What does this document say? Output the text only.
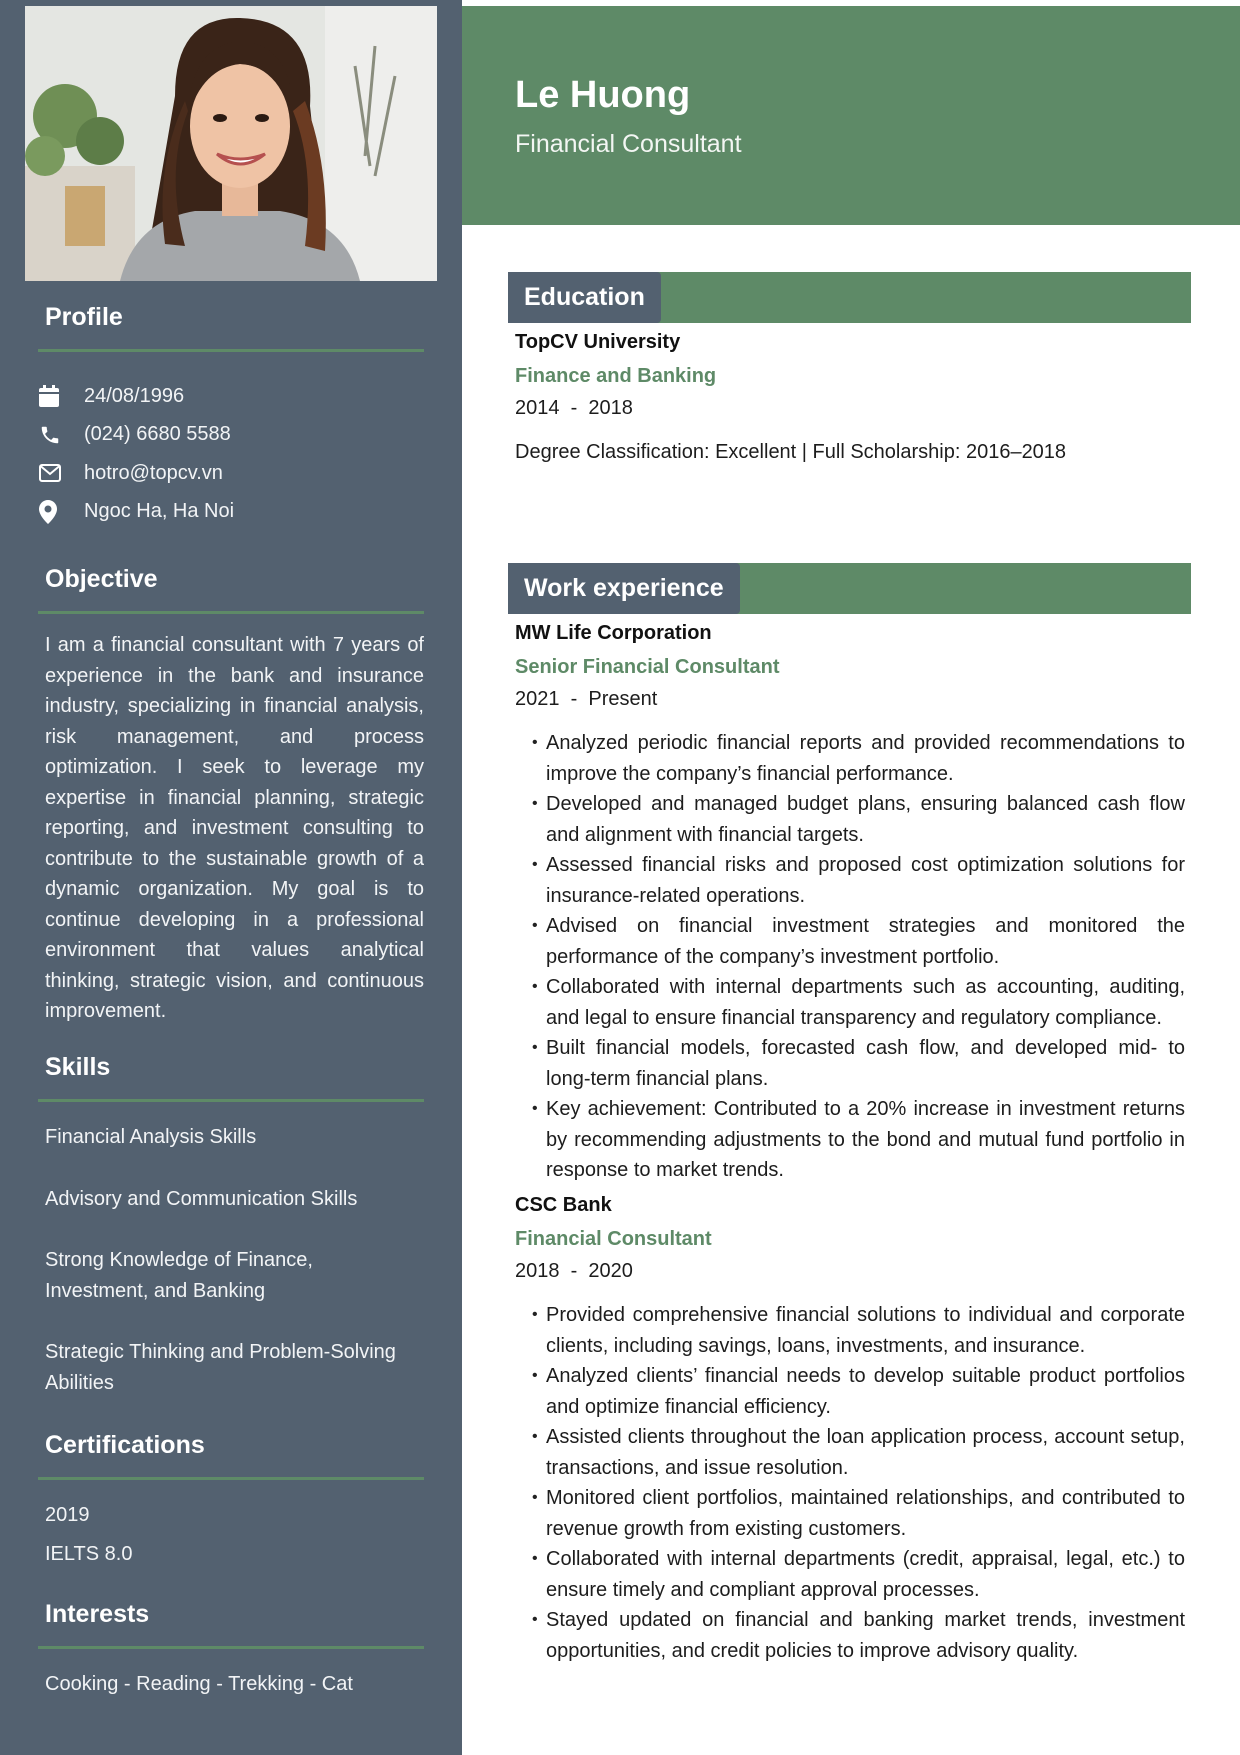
Profile
24/08/1996
(024) 6680 5588
hotro@topcv.vn
Ngoc Ha, Ha Noi
Objective
I am a financial consultant with 7 years of experience in the bank and insurance industry, specializing in financial analysis, risk management, and process optimization. I seek to leverage my expertise in financial planning, strategic reporting, and investment consulting to contribute to the sustainable growth of a dynamic organization. My goal is to continue developing in a professional environment that values analytical thinking, strategic vision, and continuous improvement.
Skills
Financial Analysis Skills
Advisory and Communication Skills
Strong Knowledge of Finance, Investment, and Banking
Strategic Thinking and Problem-Solving Abilities
Certifications
2019
IELTS 8.0
Interests
Cooking - Reading - Trekking - Cat
Le Huong
Financial Consultant
Education
TopCV University
Finance and Banking
2014 - 2018
Degree Classification: Excellent | Full Scholarship: 2016–2018
Work experience
MW Life Corporation
Senior Financial Consultant
2021 - Present
• Analyzed periodic financial reports and provided recommendations to improve the company’s financial performance.
• Developed and managed budget plans, ensuring balanced cash flow and alignment with financial targets.
• Assessed financial risks and proposed cost optimization solutions for insurance-related operations.
• Advised on financial investment strategies and monitored the performance of the company’s investment portfolio.
• Collaborated with internal departments such as accounting, auditing, and legal to ensure financial transparency and regulatory compliance.
• Built financial models, forecasted cash flow, and developed mid- to long-term financial plans.
• Key achievement: Contributed to a 20% increase in investment returns by recommending adjustments to the bond and mutual fund portfolio in response to market trends.
CSC Bank
Financial Consultant
2018 - 2020
• Provided comprehensive financial solutions to individual and corporate clients, including savings, loans, investments, and insurance.
• Analyzed clients’ financial needs to develop suitable product portfolios and optimize financial efficiency.
• Assisted clients throughout the loan application process, account setup, transactions, and issue resolution.
• Monitored client portfolios, maintained relationships, and contributed to revenue growth from existing customers.
• Collaborated with internal departments (credit, appraisal, legal, etc.) to ensure timely and compliant approval processes.
• Stayed updated on financial and banking market trends, investment opportunities, and credit policies to improve advisory quality.
